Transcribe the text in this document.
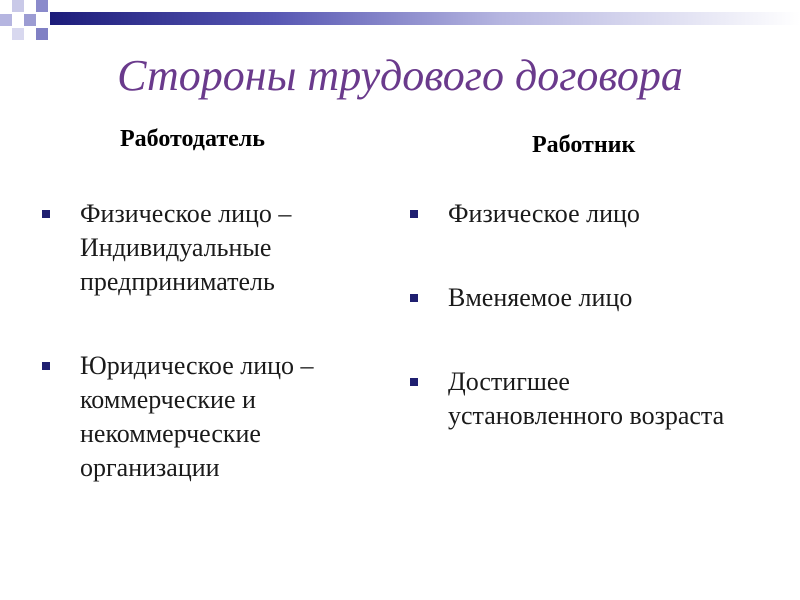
Стороны трудового договора
Работодатель	Работник
Физическое лицо – Индивидуальные предприниматель
Юридическое лицо – коммерческие и некоммерческие организации
Физическое лицо
Вменяемое лицо
Достигшее установленного возраста
